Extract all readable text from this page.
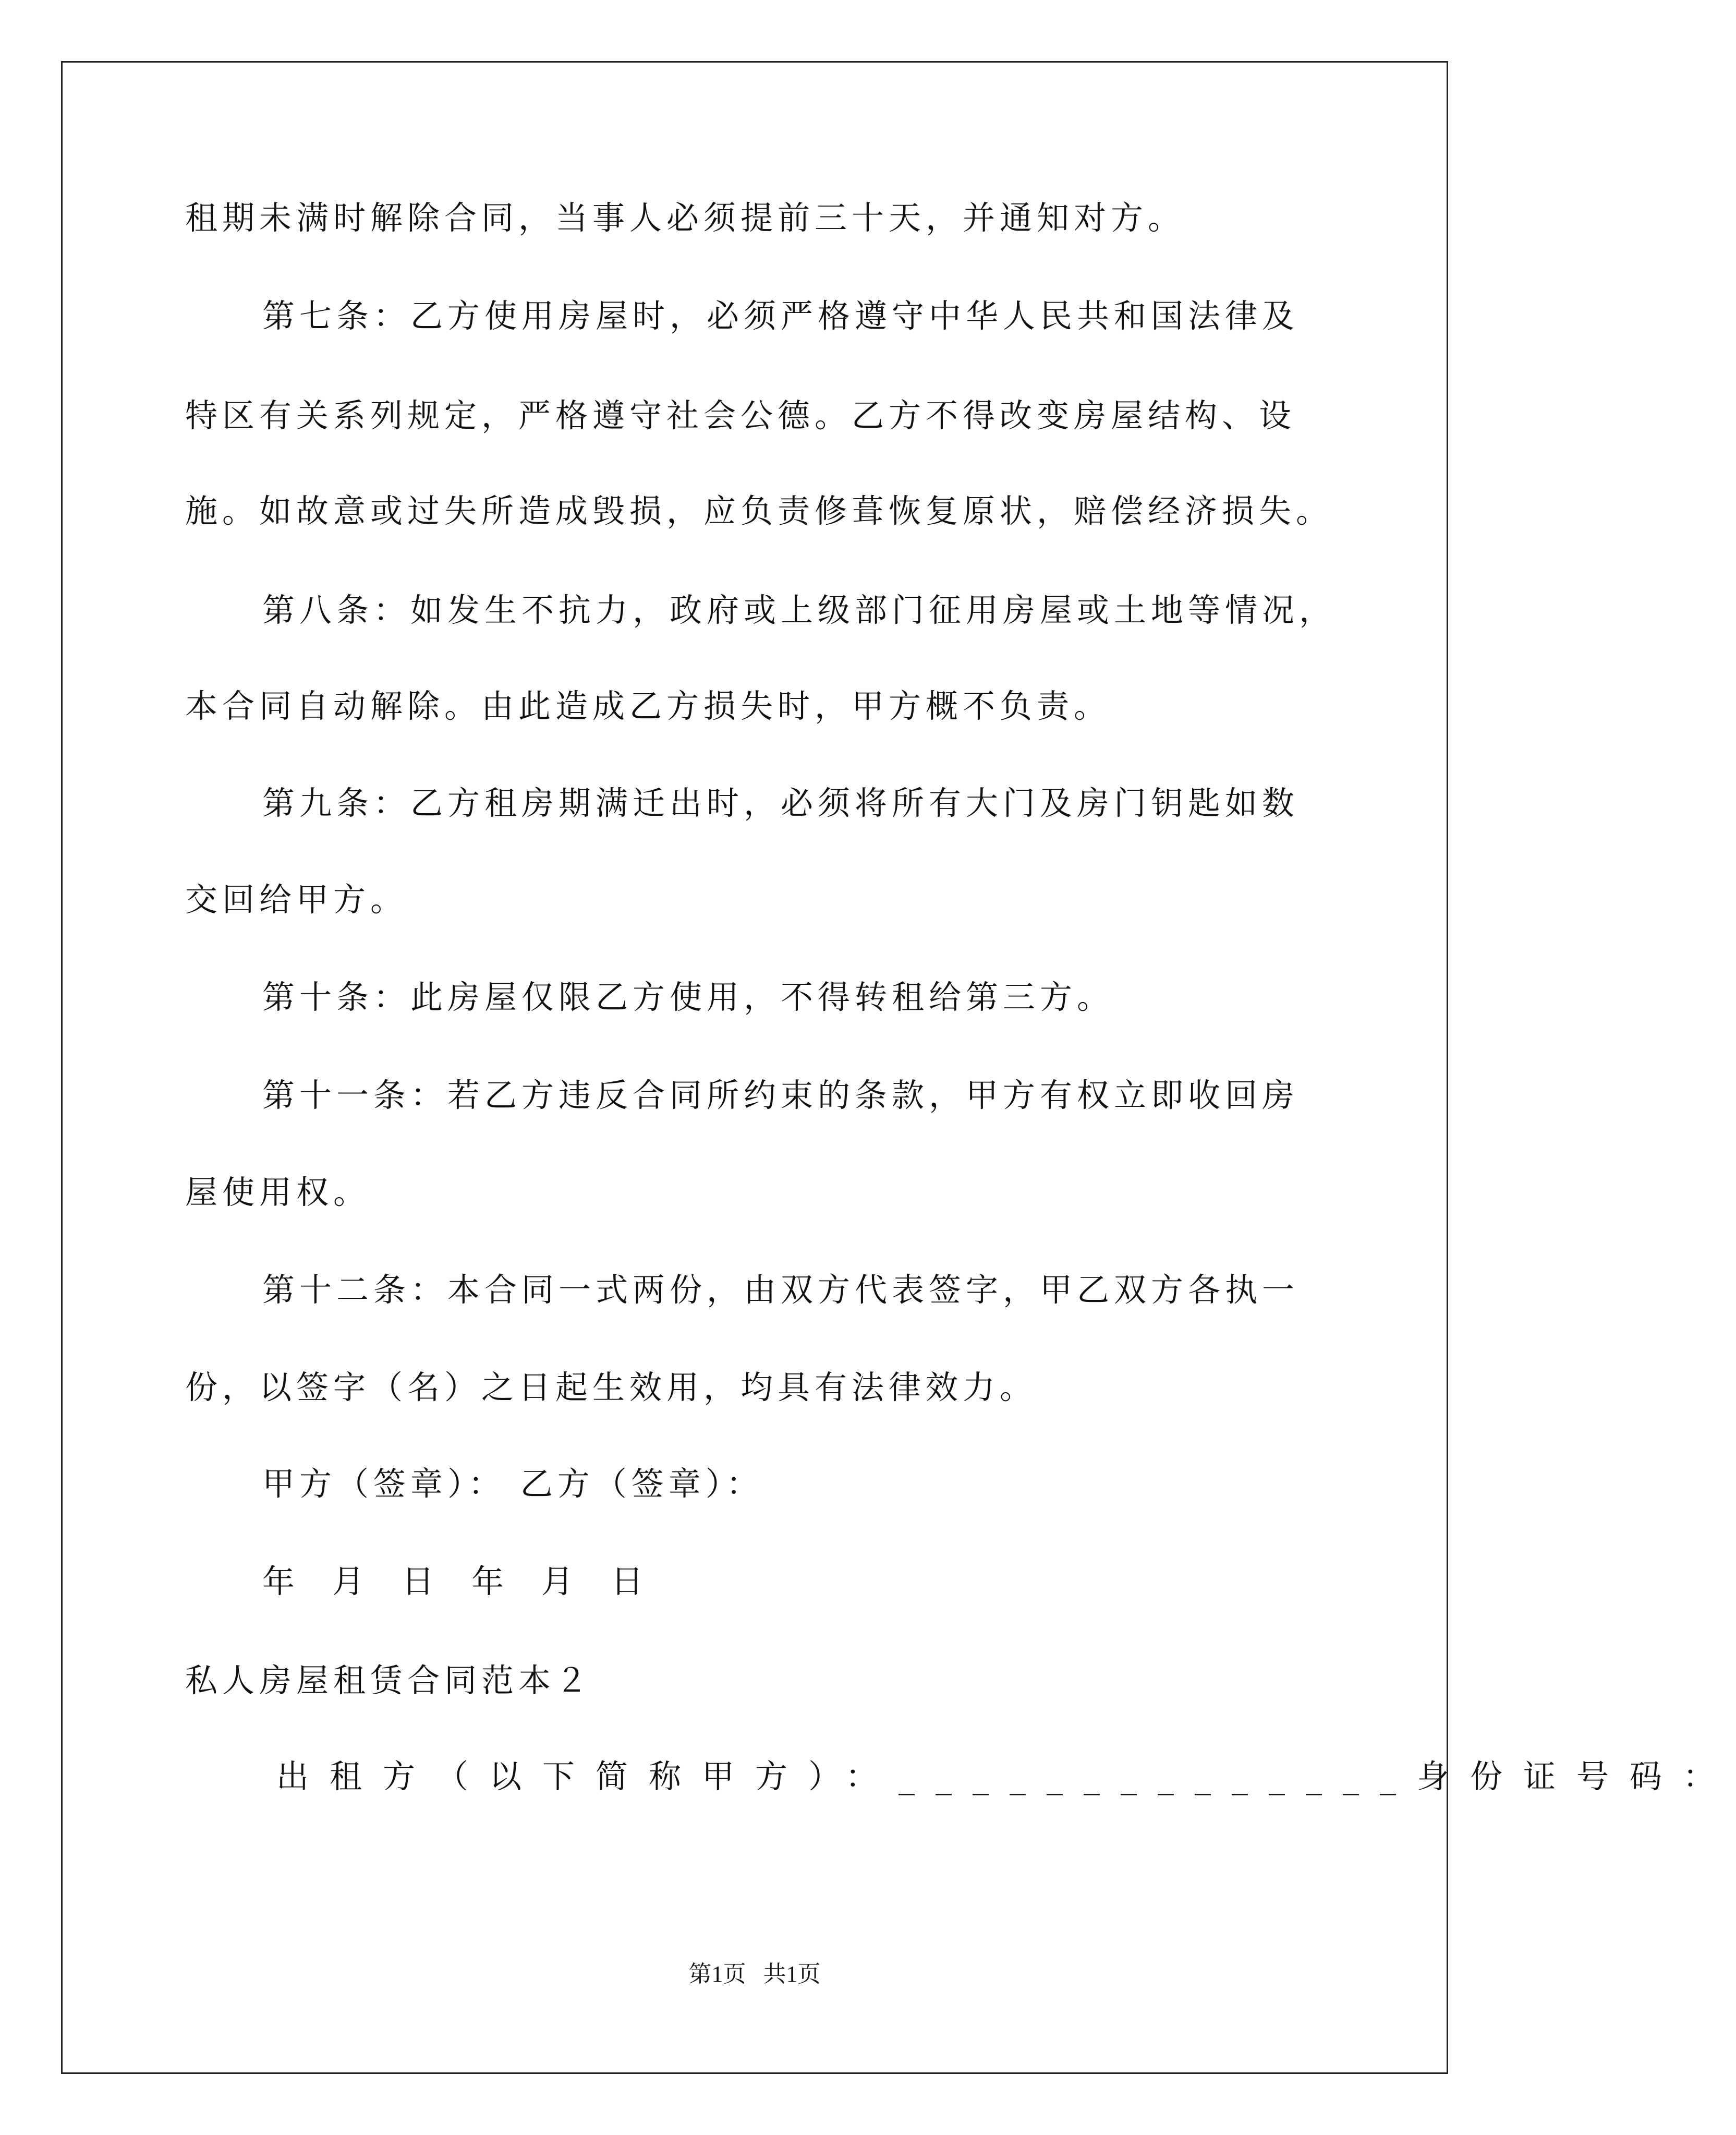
租期未满时解除合同，当事人必须提前三十天，并通知对方。
第七条：乙方使用房屋时，必须严格遵守中华人民共和国法律及
特区有关系列规定，严格遵守社会公德。乙方不得改变房屋结构、设
施。如故意或过失所造成毁损，应负责修葺恢复原状，赔偿经济损失。
第八条：如发生不抗力，政府或上级部门征用房屋或土地等情况，
本合同自动解除。由此造成乙方损失时，甲方概不负责。
第九条：乙方租房期满迁出时，必须将所有大门及房门钥匙如数
交回给甲方。
第十条：此房屋仅限乙方使用，不得转租给第三方。
第十一条：若乙方违反合同所约束的条款，甲方有权立即收回房
屋使用权。
第十二条：本合同一式两份，由双方代表签字，甲乙双方各执一
份，以签字（名）之日起生效用，均具有法律效力。
甲方（签章）： 乙方（签章）：
年 月 日 年 月 日
私人房屋租赁合同范本２
出租方（以下简称甲方）：______________身份证号码：
第1页   共1页
